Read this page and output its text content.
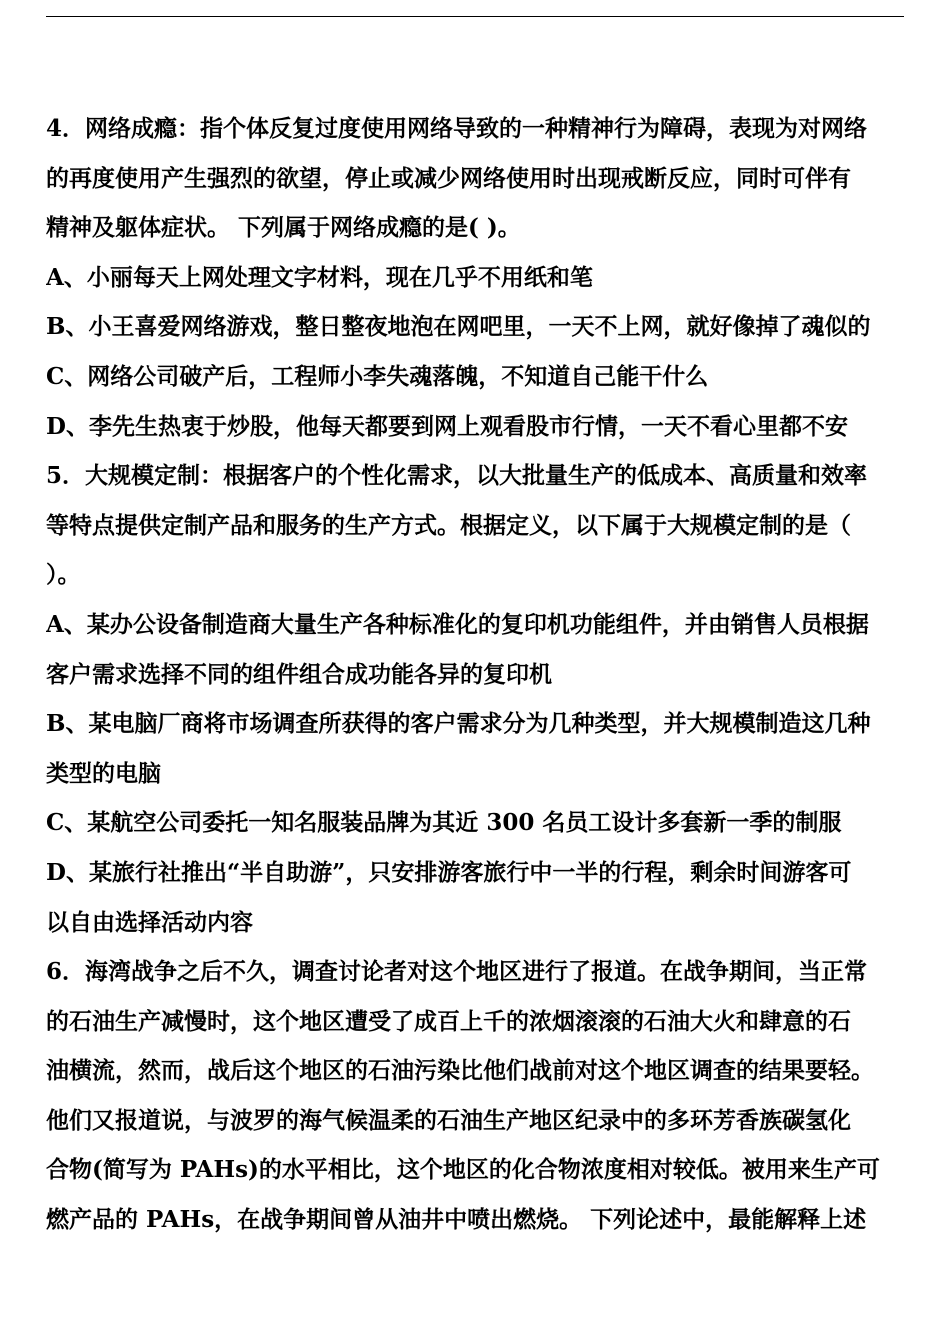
4．网络成瘾：指个体反复过度使用网络导致的一种精神行为障碍，表现为对网络
的再度使用产生强烈的欲望，停止或减少网络使用时出现戒断反应，同时可伴有
精神及躯体症状。 下列属于网络成瘾的是( )。
A、小丽每天上网处理文字材料，现在几乎不用纸和笔
B、小王喜爱网络游戏，整日整夜地泡在网吧里，一天不上网，就好像掉了魂似的
C、网络公司破产后，工程师小李失魂落魄，不知道自己能干什么
D、李先生热衷于炒股，他每天都要到网上观看股市行情，一天不看心里都不安
5．大规模定制：根据客户的个性化需求，以大批量生产的低成本、高质量和效率
等特点提供定制产品和服务的生产方式。根据定义，以下属于大规模定制的是（
）。
A、某办公设备制造商大量生产各种标准化的复印机功能组件，并由销售人员根据
客户需求选择不同的组件组合成功能各异的复印机
B、某电脑厂商将市场调查所获得的客户需求分为几种类型，并大规模制造这几种
类型的电脑
C、某航空公司委托一知名服装品牌为其近 300 名员工设计多套新一季的制服
D、某旅行社推出“半自助游”，只安排游客旅行中一半的行程，剩余时间游客可
以自由选择活动内容
6．海湾战争之后不久，调查讨论者对这个地区进行了报道。在战争期间，当正常
的石油生产减慢时，这个地区遭受了成百上千的浓烟滚滚的石油大火和肆意的石
油横流，然而，战后这个地区的石油污染比他们战前对这个地区调查的结果要轻。
他们又报道说，与波罗的海气候温柔的石油生产地区纪录中的多环芳香族碳氢化
合物(简写为 PAHs)的水平相比，这个地区的化合物浓度相对较低。被用来生产可
燃产品的 PAHs，在战争期间曾从油井中喷出燃烧。 下列论述中，最能解释上述
